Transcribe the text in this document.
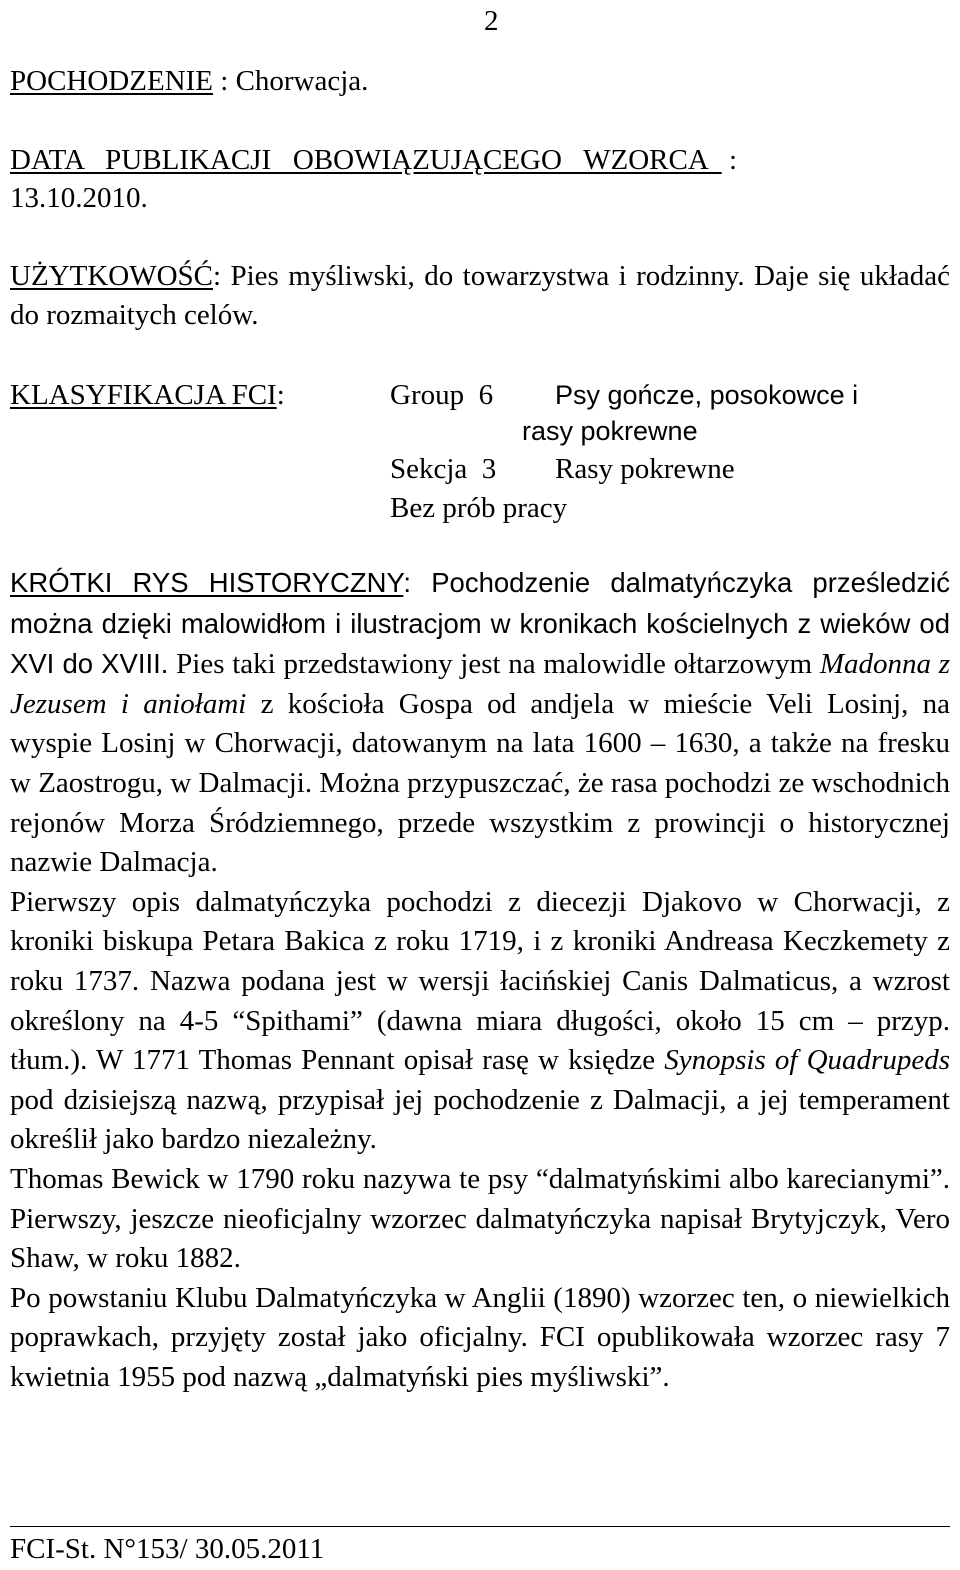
2
POCHODZENIE : Chorwacja.
DATA   PUBLIKACJI   OBOWIĄZUJĄCEGO   WZORCA   :
13.10.2010.
UŻYTKOWOŚĆ: Pies myśliwski, do towarzystwa i rodzinny. Daje się układać do rozmaitych celów.
KLASYFIKACJA FCI:	Group  6 Psy gończe, posokowce i
rasy pokrewne
Sekcja  3 Rasy pokrewne
Bez prób pracy

KRÓTKI RYS HISTORYCZNY: Pochodzenie dalmatyńczyka prześledzić można dzięki malowidłom i ilustracjom w kronikach kościelnych z wieków od XVI do XVIII. Pies taki przedstawiony jest na malowidle ołtarzowym Madonna z Jezusem i aniołami z kościoła Gospa od andjela w mieście Veli Losinj, na wyspie Losinj w Chorwacji, datowanym na lata 1600 – 1630, a także na fresku w Zaostrogu, w Dalmacji. Można przypuszczać, że rasa pochodzi ze wschodnich rejonów Morza Śródziemnego, przede wszystkim z prowincji o historycznej nazwie Dalmacja.

Pierwszy opis dalmatyńczyka pochodzi z diecezji Djakovo w Chorwacji, z kroniki biskupa Petara Bakica z roku 1719, i z kroniki Andreasa Keczkemety z roku 1737. Nazwa podana jest w wersji łacińskiej Canis Dalmaticus, a wzrost określony na 4-5 “Spithami” (dawna miara długości, około 15 cm – przyp. tłum.). W 1771 Thomas Pennant opisał rasę w księdze Synopsis of Quadrupeds pod dzisiejszą nazwą, przypisał jej pochodzenie z Dalmacji, a jej temperament określił jako bardzo niezależny.

Thomas Bewick w 1790 roku nazywa te psy “dalmatyńskimi albo karecianymi”. Pierwszy, jeszcze nieoficjalny wzorzec dalmatyńczyka napisał Brytyjczyk, Vero Shaw, w roku 1882.

Po powstaniu Klubu Dalmatyńczyka w Anglii (1890) wzorzec ten, o niewielkich poprawkach, przyjęty został jako oficjalny. FCI opublikowała wzorzec rasy 7 kwietnia 1955 pod nazwą „dalmatyński pies myśliwski”.

FCI-St. N°153/ 30.05.2011
